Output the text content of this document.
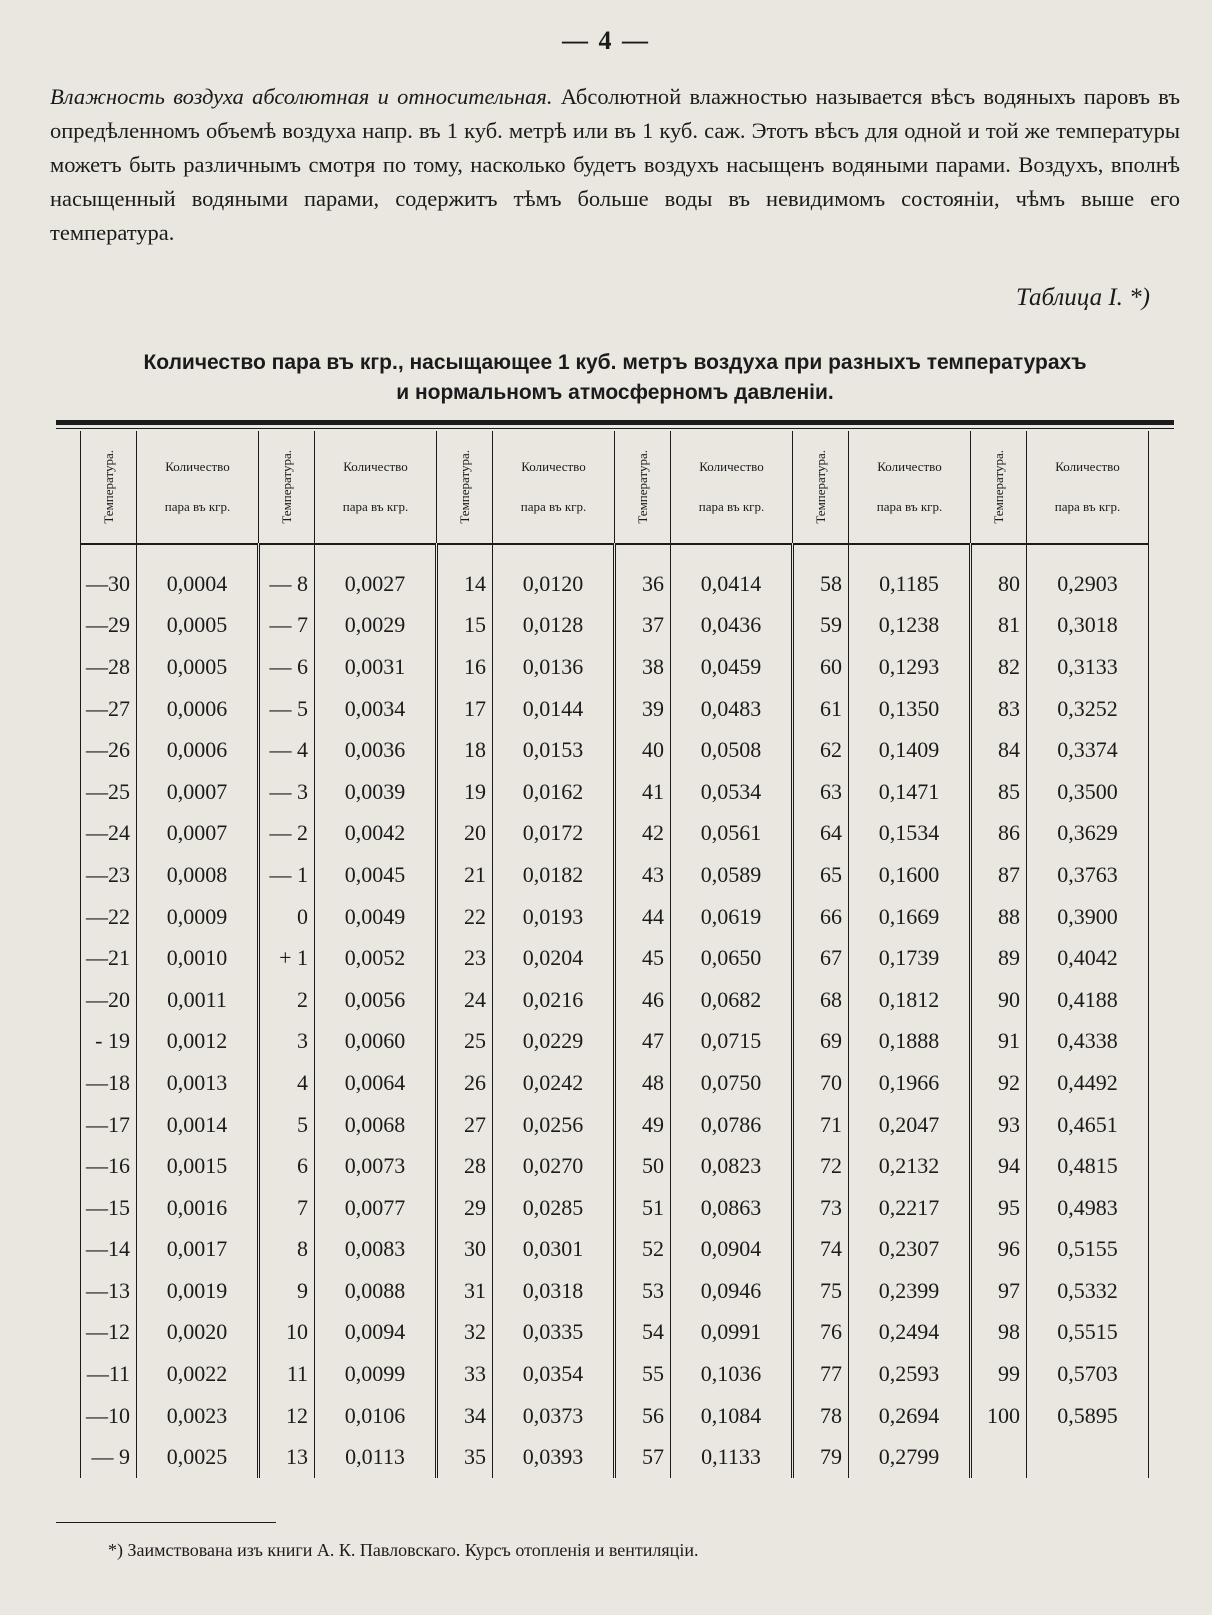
— 4 —

Влажность воздуха абсолютная и относительная. Абсолютной влажностью называется вѣсъ водяныхъ паровъ въ опредѣленномъ объемѣ воздуха напр. въ 1 куб. метрѣ или въ 1 куб. саж. Этотъ вѣсъ для одной и той же температуры можетъ быть различнымъ смотря по тому, насколько будетъ воздухъ насыщенъ водяными парами. Воздухъ, вполнѣ насыщенный водяными парами, содержитъ тѣмъ больше воды въ невидимомъ состояніи, чѣмъ выше его температура.

Таблица I. *)
Количество пара въ кгр., насыщающее 1 куб. метръ воздуха при разныхъ температурахъ
и нормальномъ атмосферномъ давленіи.
Температура.	Количество
пара въ кгр.	Температура.	Количество
пара въ кгр.	Температура.	Количество
пара въ кгр.	Температура.	Количество
пара въ кгр.	Температура.	Количество
пара въ кгр.	Температура.	Количество
пара въ кгр.

—30	0,0004	— 8	0,0027	14	0,0120	36	0,0414	58	0,1185	80	0,2903
—29	0,0005	— 7	0,0029	15	0,0128	37	0,0436	59	0,1238	81	0,3018
—28	0,0005	— 6	0,0031	16	0,0136	38	0,0459	60	0,1293	82	0,3133
—27	0,0006	— 5	0,0034	17	0,0144	39	0,0483	61	0,1350	83	0,3252
—26	0,0006	— 4	0,0036	18	0,0153	40	0,0508	62	0,1409	84	0,3374
—25	0,0007	— 3	0,0039	19	0,0162	41	0,0534	63	0,1471	85	0,3500
—24	0,0007	— 2	0,0042	20	0,0172	42	0,0561	64	0,1534	86	0,3629
—23	0,0008	— 1	0,0045	21	0,0182	43	0,0589	65	0,1600	87	0,3763
—22	0,0009	0	0,0049	22	0,0193	44	0,0619	66	0,1669	88	0,3900
—21	0,0010	+ 1	0,0052	23	0,0204	45	0,0650	67	0,1739	89	0,4042
—20	0,0011	2	0,0056	24	0,0216	46	0,0682	68	0,1812	90	0,4188
- 19	0,0012	3	0,0060	25	0,0229	47	0,0715	69	0,1888	91	0,4338
—18	0,0013	4	0,0064	26	0,0242	48	0,0750	70	0,1966	92	0,4492
—17	0,0014	5	0,0068	27	0,0256	49	0,0786	71	0,2047	93	0,4651
—16	0,0015	6	0,0073	28	0,0270	50	0,0823	72	0,2132	94	0,4815
—15	0,0016	7	0,0077	29	0,0285	51	0,0863	73	0,2217	95	0,4983
—14	0,0017	8	0,0083	30	0,0301	52	0,0904	74	0,2307	96	0,5155
—13	0,0019	9	0,0088	31	0,0318	53	0,0946	75	0,2399	97	0,5332
—12	0,0020	10	0,0094	32	0,0335	54	0,0991	76	0,2494	98	0,5515
—11	0,0022	11	0,0099	33	0,0354	55	0,1036	77	0,2593	99	0,5703
—10	0,0023	12	0,0106	34	0,0373	56	0,1084	78	0,2694	100	0,5895
— 9	0,0025	13	0,0113	35	0,0393	57	0,1133	79	0,2799		
*) Заимствована изъ книги А. К. Павловскаго. Курсъ отопленія и вентиляціи.
